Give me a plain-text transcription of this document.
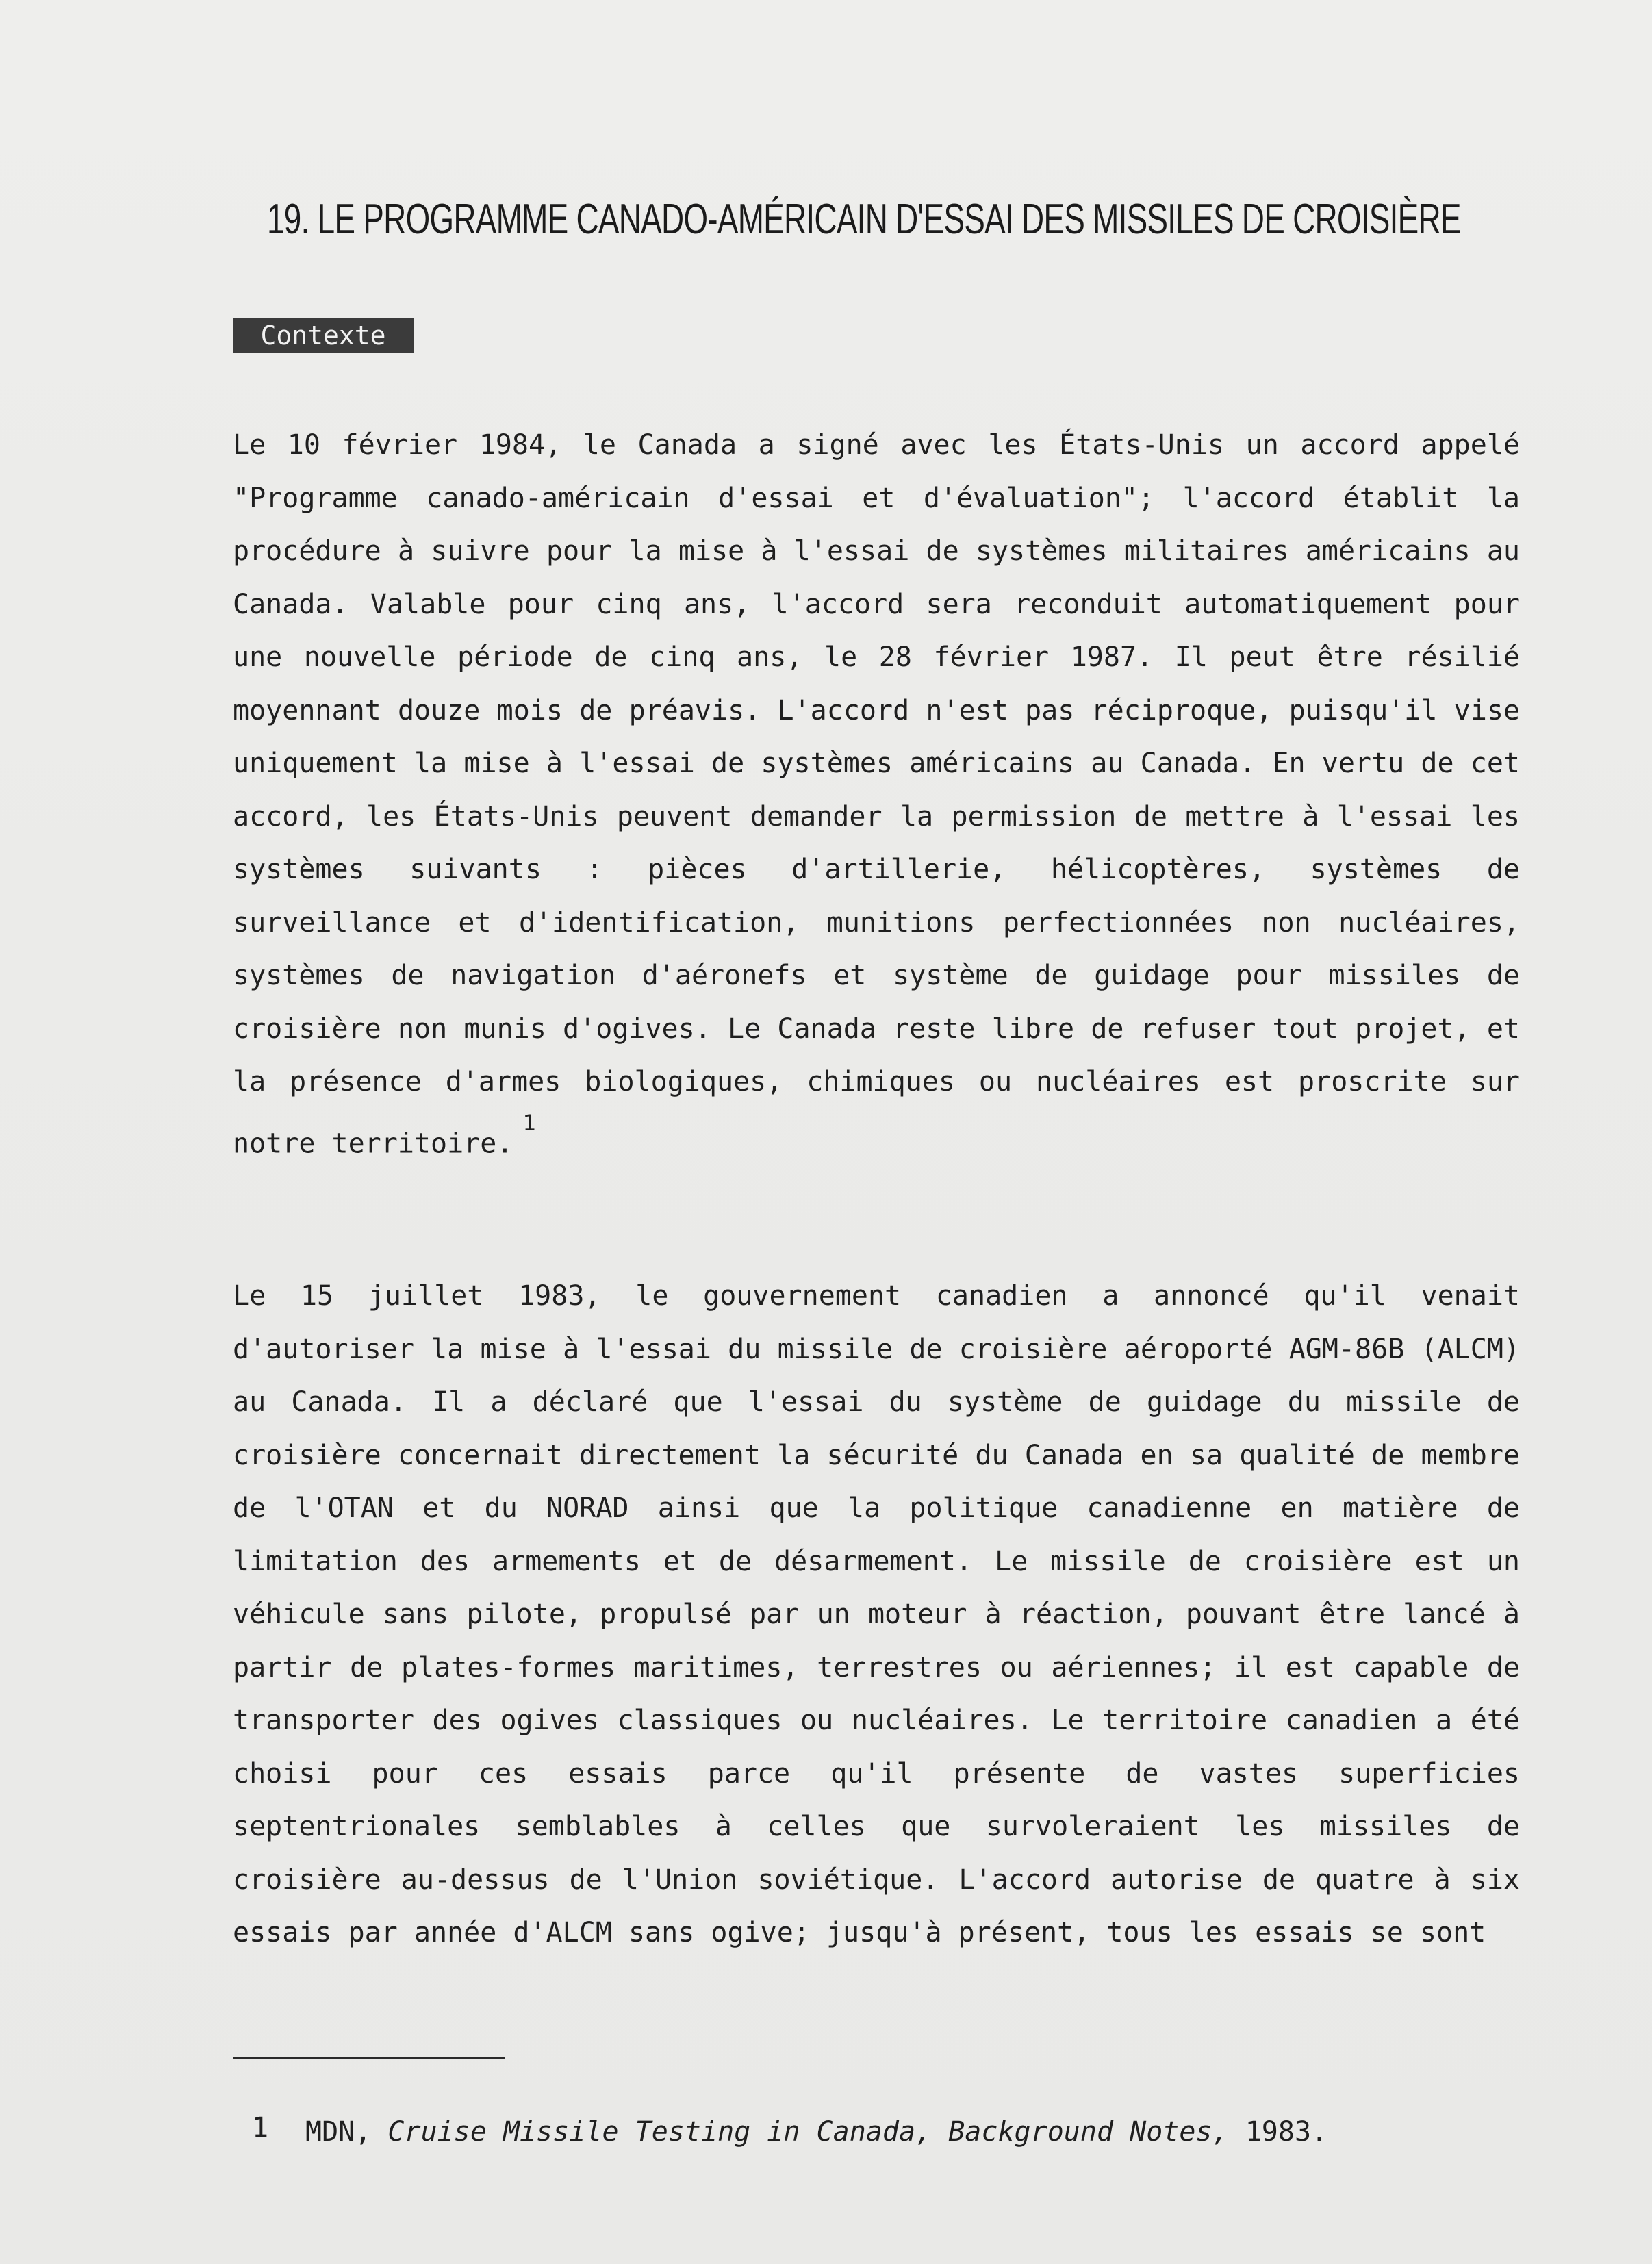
19. LE PROGRAMME CANADO-AMÉRICAIN D'ESSAI DES MISSILES DE CROISIÈRE
Contexte

Le 10 février 1984, le Canada a signé avec les États-Unis un accord appelé "Programme canado-américain d'essai et d'évaluation"; l'accord établit la procédure à suivre pour la mise à l'essai de systèmes militaires américains au Canada. Valable pour cinq ans, l'accord sera reconduit automatiquement pour une nouvelle période de cinq ans, le 28 février 1987. Il peut être résilié moyennant douze mois de préavis. L'accord n'est pas réciproque, puisqu'il vise uniquement la mise à l'essai de systèmes américains au Canada. En vertu de cet accord, les États-Unis peuvent demander la permission de mettre à l'essai les systèmes suivants : pièces d'artillerie, hélicoptères, systèmes de surveillance et d'identification, munitions perfectionnées non nucléaires, systèmes de navigation d'aéronefs et système de guidage pour missiles de croisière non munis d'ogives. Le Canada reste libre de refuser tout projet, et la présence d'armes biologiques, chimiques ou nucléaires est proscrite sur notre territoire.$^1$

Le 15 juillet 1983, le gouvernement canadien a annoncé qu'il venait d'autoriser la mise à l'essai du missile de croisière aéroporté AGM-86B (ALCM) au Canada. Il a déclaré que l'essai du système de guidage du missile de croisière concernait directement la sécurité du Canada en sa qualité de membre de l'OTAN et du NORAD ainsi que la politique canadienne en matière de limitation des armements et de désarmement. Le missile de croisière est un véhicule sans pilote, propulsé par un moteur à réaction, pouvant être lancé à partir de plates-formes maritimes, terrestres ou aériennes; il est capable de transporter des ogives classiques ou nucléaires. Le territoire canadien a été choisi pour ces essais parce qu'il présente de vastes superficies septentrionales semblables à celles que survoleraient les missiles de croisière au-dessus de l'Union soviétique. L'accord autorise de quatre à six essais par année d'ALCM sans ogive; jusqu'à présent, tous les essais se sont

1 MDN, Cruise Missile Testing in Canada, Background Notes, 1983.
